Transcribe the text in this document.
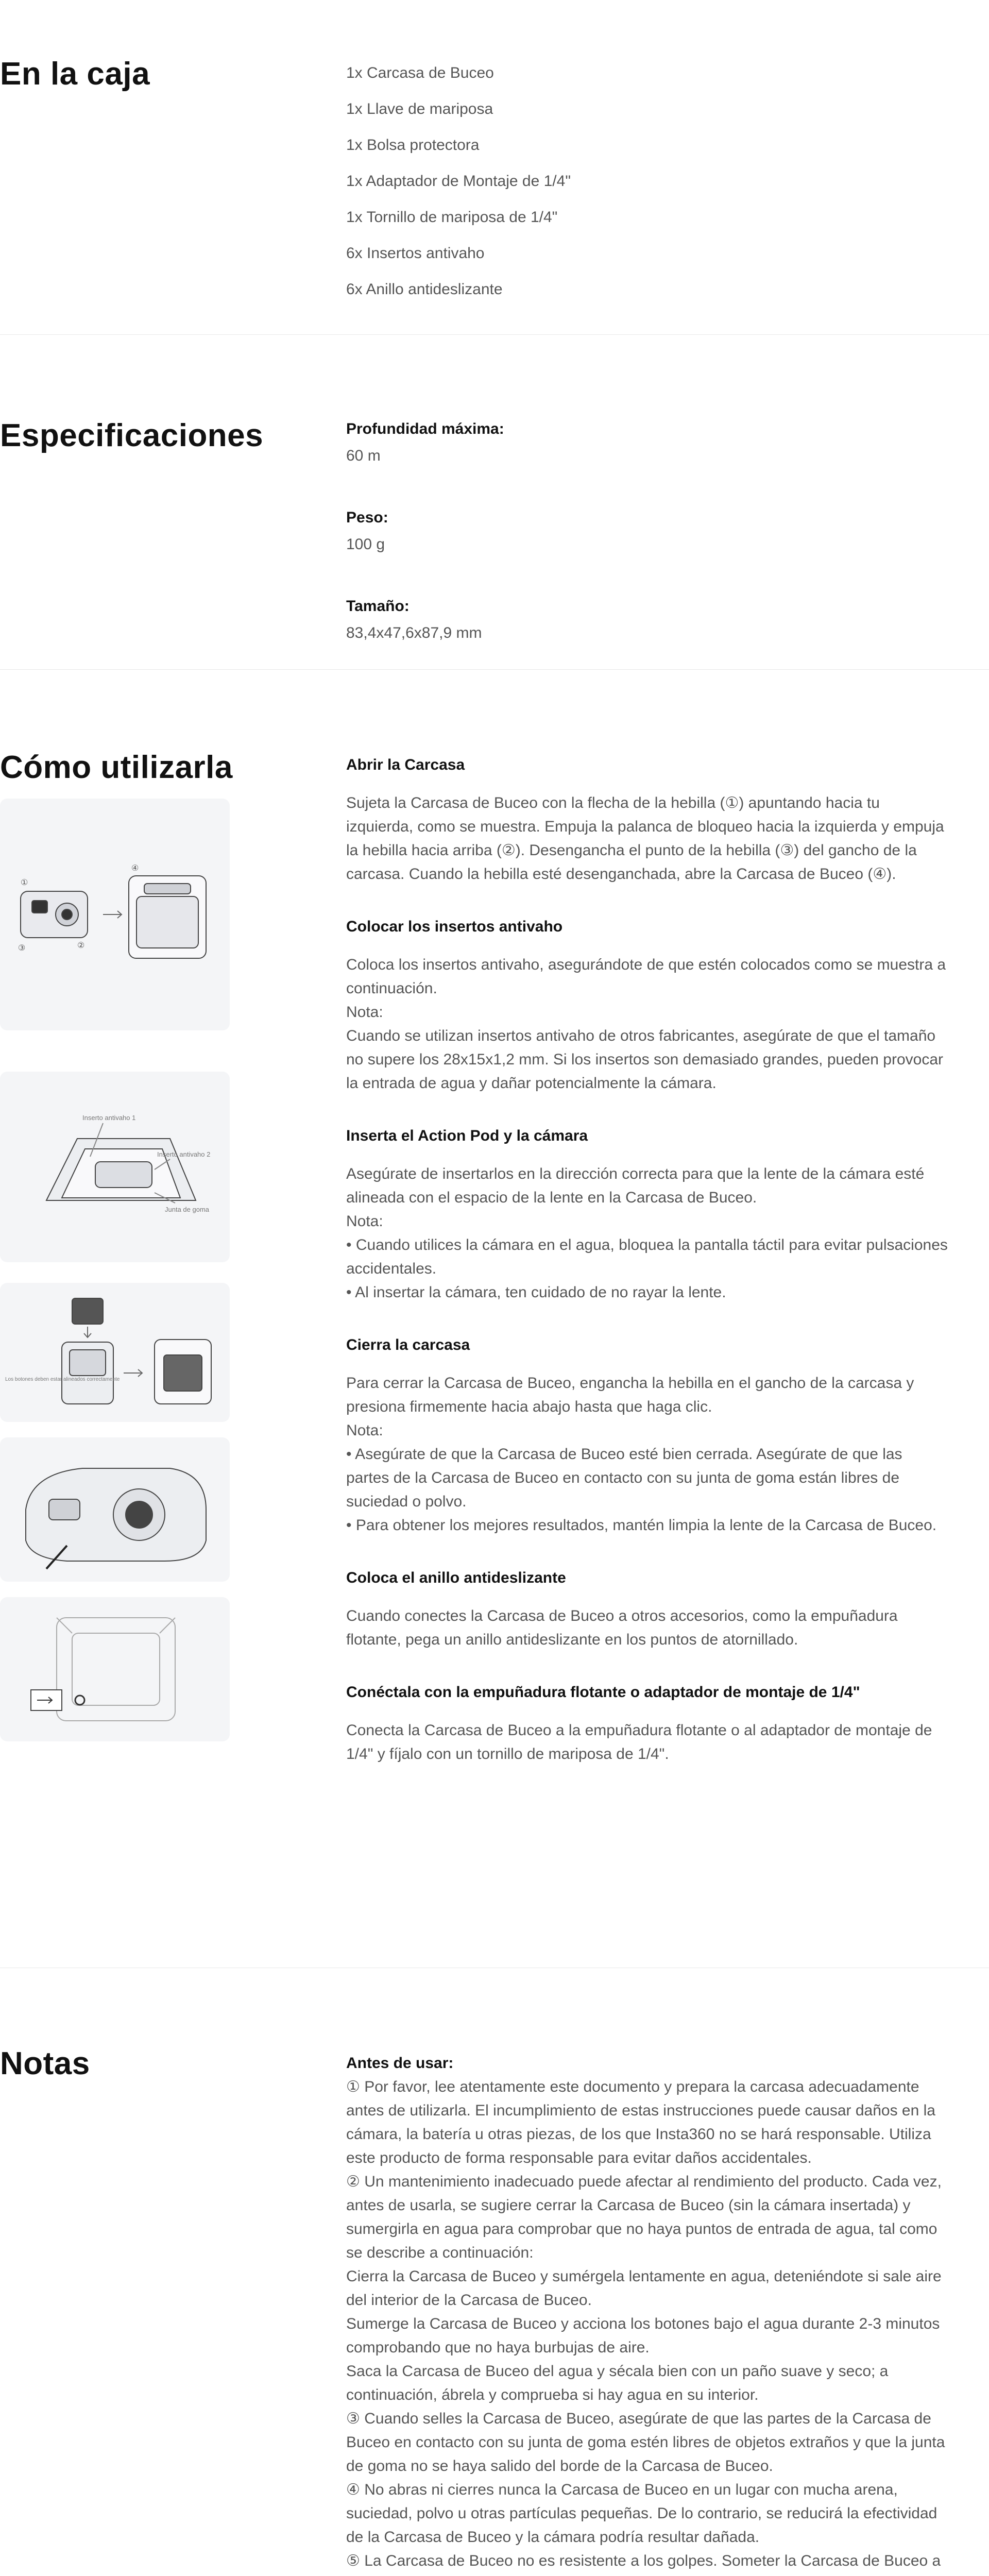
En la caja	1x Carcasa de Buceo
1x Llave de mariposa
1x Bolsa protectora
1x Adaptador de Montaje de 1/4"
1x Tornillo de mariposa de 1/4"
6x Insertos antivaho
6x Anillo antideslizante
Especificaciones	Profundidad máxima:
60 m
Peso:
100 g
Tamaño:
83,4x47,6x87,9 mm
Cómo utilizarla
①
②
③
④
Inserto antivaho 1
Inserto antivaho 2
Junta de goma
Los botones deben estar alineados correctamente
Abrir la Carcasa
Sujeta la Carcasa de Buceo con la flecha de la hebilla (①) apuntando hacia tu izquierda, como se muestra. Empuja la palanca de bloqueo hacia la izquierda y empuja la hebilla hacia arriba (②). Desengancha el punto de la hebilla (③) del gancho de la carcasa. Cuando la hebilla esté desenganchada, abre la Carcasa de Buceo (④).
Colocar los insertos antivaho
Coloca los insertos antivaho, asegurándote de que estén colocados como se muestra a continuación.
Nota:
Cuando se utilizan insertos antivaho de otros fabricantes, asegúrate de que el tamaño no supere los 28x15x1,2 mm. Si los insertos son demasiado grandes, pueden provocar la entrada de agua y dañar potencialmente la cámara.
Inserta el Action Pod y la cámara
Asegúrate de insertarlos en la dirección correcta para que la lente de la cámara esté alineada con el espacio de la lente en la Carcasa de Buceo.
Nota:
• Cuando utilices la cámara en el agua, bloquea la pantalla táctil para evitar pulsaciones accidentales.
• Al insertar la cámara, ten cuidado de no rayar la lente.
Cierra la carcasa
Para cerrar la Carcasa de Buceo, engancha la hebilla en el gancho de la carcasa y presiona firmemente hacia abajo hasta que haga clic.
Nota:
• Asegúrate de que la Carcasa de Buceo esté bien cerrada. Asegúrate de que las partes de la Carcasa de Buceo en contacto con su junta de goma están libres de suciedad o polvo.
• Para obtener los mejores resultados, mantén limpia la lente de la Carcasa de Buceo.
Coloca el anillo antideslizante
Cuando conectes la Carcasa de Buceo a otros accesorios, como la empuñadura flotante, pega un anillo antideslizante en los puntos de atornillado.
Conéctala con la empuñadura flotante o adaptador de montaje de 1/4"
Conecta la Carcasa de Buceo a la empuñadura flotante o al adaptador de montaje de 1/4" y fíjalo con un tornillo de mariposa de 1/4".
Notas	Antes de usar:
① Por favor, lee atentamente este documento y prepara la carcasa adecuadamente antes de utilizarla. El incumplimiento de estas instrucciones puede causar daños en la cámara, la batería u otras piezas, de los que Insta360 no se hará responsable. Utiliza este producto de forma responsable para evitar daños accidentales.
② Un mantenimiento inadecuado puede afectar al rendimiento del producto. Cada vez, antes de usarla, se sugiere cerrar la Carcasa de Buceo (sin la cámara insertada) y sumergirla en agua para comprobar que no haya puntos de entrada de agua, tal como se describe a continuación:
Cierra la Carcasa de Buceo y sumérgela lentamente en agua, deteniéndote si sale aire del interior de la Carcasa de Buceo.
Sumerge la Carcasa de Buceo y acciona los botones bajo el agua durante 2-3 minutos comprobando que no haya burbujas de aire.
Saca la Carcasa de Buceo del agua y sécala bien con un paño suave y seco; a continuación, ábrela y comprueba si hay agua en su interior.
③ Cuando selles la Carcasa de Buceo, asegúrate de que las partes de la Carcasa de Buceo en contacto con su junta de goma estén libres de objetos extraños y que la junta de goma no se haya salido del borde de la Carcasa de Buceo.
④ No abras ni cierres nunca la Carcasa de Buceo en un lugar con mucha arena, suciedad, polvo u otras partículas pequeñas. De lo contrario, se reducirá la efectividad de la Carcasa de Buceo y la cámara podría resultar dañada.
⑤ La Carcasa de Buceo no es resistente a los golpes. Someter la Carcasa de Buceo a
